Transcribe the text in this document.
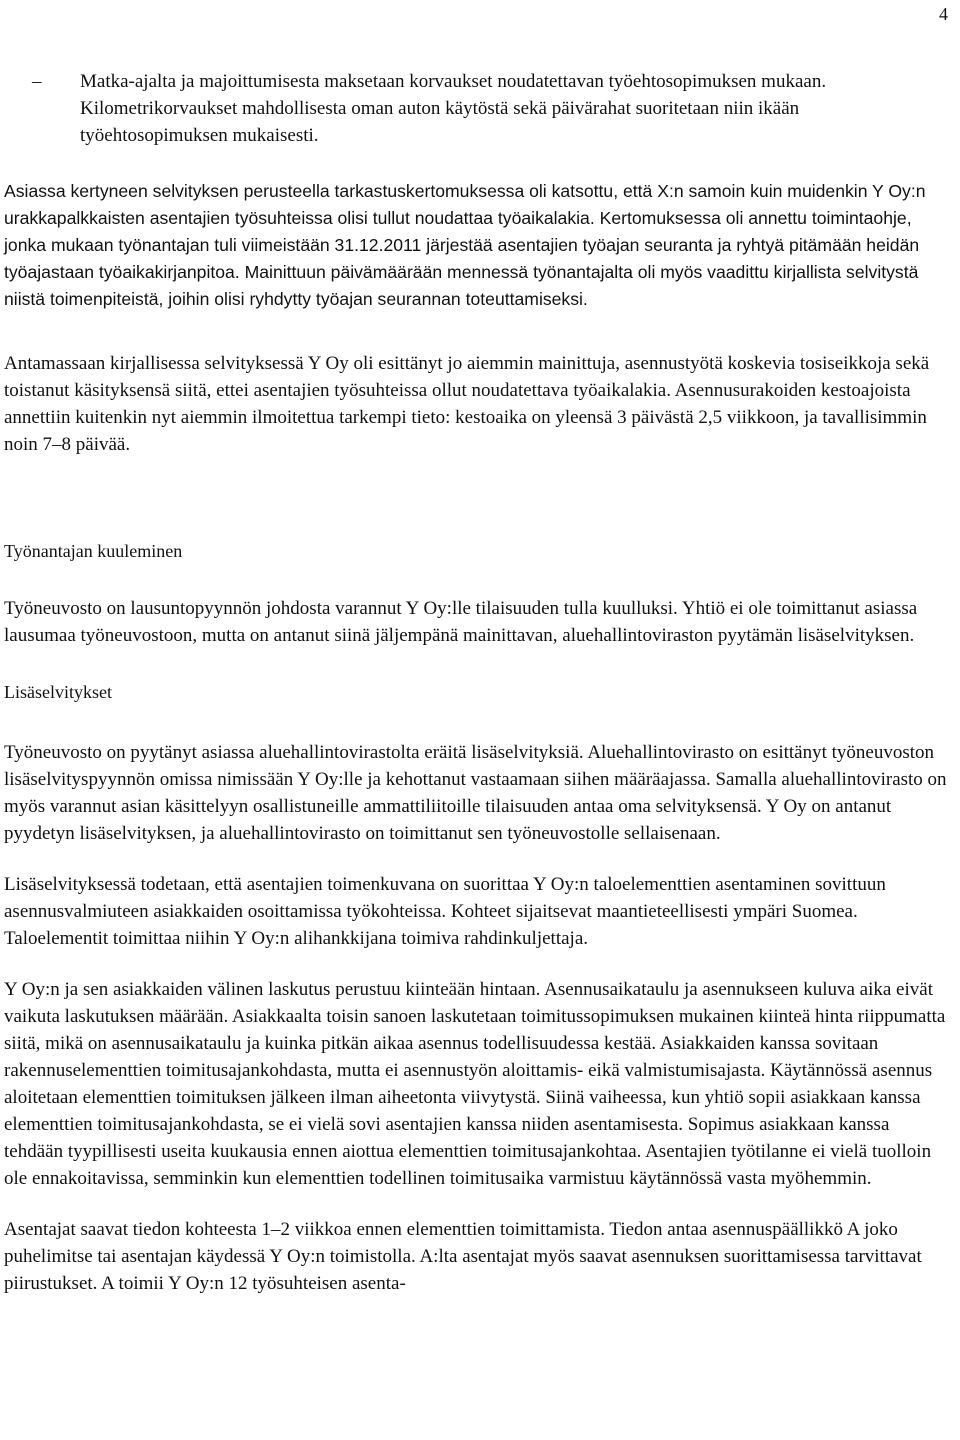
4
–	Matka-ajalta ja majoittumisesta maksetaan korvaukset noudatettavan työehtosopimuksen mukaan. Kilometrikorvaukset mahdollisesta oman auton käytöstä sekä päivärahat suoritetaan niin ikään työehtosopimuksen mukaisesti.

Asiassa kertyneen selvityksen perusteella tarkastuskertomuksessa oli katsottu, että X:n samoin kuin muidenkin Y Oy:n urakkapalkkaisten asentajien työsuhteissa olisi tullut noudattaa työaikalakia. Kertomuksessa oli annettu toimintaohje, jonka mukaan työnantajan tuli viimeistään 31.12.2011 järjestää asentajien työajan seuranta ja ryhtyä pitämään heidän työajastaan työaikakirjanpitoa. Mainittuun päivämäärään mennessä työnantajalta oli myös vaadittu kirjallista selvitystä niistä toimenpiteistä, joihin olisi ryhdytty työajan seurannan toteuttamiseksi.

Antamassaan kirjallisessa selvityksessä Y Oy oli esittänyt jo aiemmin mainittuja, asennustyötä koskevia tosiseikkoja sekä toistanut käsityksensä siitä, ettei asentajien työsuhteissa ollut noudatettava työaikalakia. Asennusurakoiden kestoajoista annettiin kuitenkin nyt aiemmin ilmoitettua tarkempi tieto: kestoaika on yleensä 3 päivästä 2,5 viikkoon, ja tavallisimmin noin 7–8 päivää.

Työnantajan kuuleminen

Työneuvosto on lausuntopyynnön johdosta varannut Y Oy:lle tilaisuuden tulla kuulluksi. Yhtiö ei ole toimittanut asiassa lausumaa työneuvostoon, mutta on antanut siinä jäljempänä mainittavan, aluehallintoviraston pyytämän lisäselvityksen.

Lisäselvitykset

Työneuvosto on pyytänyt asiassa aluehallintovirastolta eräitä lisäselvityksiä. Aluehallintovirasto on esittänyt työneuvoston lisäselvityspyynnön omissa nimissään Y Oy:lle ja kehottanut vastaamaan siihen määräajassa. Samalla aluehallintovirasto on myös varannut asian käsittelyyn osallistuneille ammattiliitoille tilaisuuden antaa oma selvityksensä. Y Oy on antanut pyydetyn lisäselvityksen, ja aluehallintovirasto on toimittanut sen työneuvostolle sellaisenaan.

Lisäselvityksessä todetaan, että asentajien toimenkuvana on suorittaa Y Oy:n taloelementtien asentaminen sovittuun asennusvalmiuteen asiakkaiden osoittamissa työkohteissa. Kohteet sijaitsevat maantieteellisesti ympäri Suomea. Taloelementit toimittaa niihin Y Oy:n alihankkijana toimiva rahdinkuljettaja.

Y Oy:n ja sen asiakkaiden välinen laskutus perustuu kiinteään hintaan. Asennusaikataulu ja asennukseen kuluva aika eivät vaikuta laskutuksen määrään. Asiakkaalta toisin sanoen laskutetaan toimitussopimuksen mukainen kiinteä hinta riippumatta siitä, mikä on asennusaikataulu ja kuinka pitkän aikaa asennus todellisuudessa kestää. Asiakkaiden kanssa sovitaan rakennuselementtien toimitusajankohdasta, mutta ei asennustyön aloittamis- eikä valmistumisajasta. Käytännössä asennus aloitetaan elementtien toimituksen jälkeen ilman aiheetonta viivytystä. Siinä vaiheessa, kun yhtiö sopii asiakkaan kanssa elementtien toimitusajankohdasta, se ei vielä sovi asentajien kanssa niiden asentamisesta. Sopimus asiakkaan kanssa tehdään tyypillisesti useita kuukausia ennen aiottua elementtien toimitusajankohtaa. Asentajien työtilanne ei vielä tuolloin ole ennakoitavissa, semminkin kun elementtien todellinen toimitusaika varmistuu käytännössä vasta myöhemmin.

Asentajat saavat tiedon kohteesta 1–2 viikkoa ennen elementtien toimittamista. Tiedon antaa asennuspäällikkö A joko puhelimitse tai asentajan käydessä Y Oy:n toimistolla. A:lta asentajat myös saavat asennuksen suorittamisessa tarvittavat piirustukset. A toimii Y Oy:n 12 työsuhteisen asenta-
